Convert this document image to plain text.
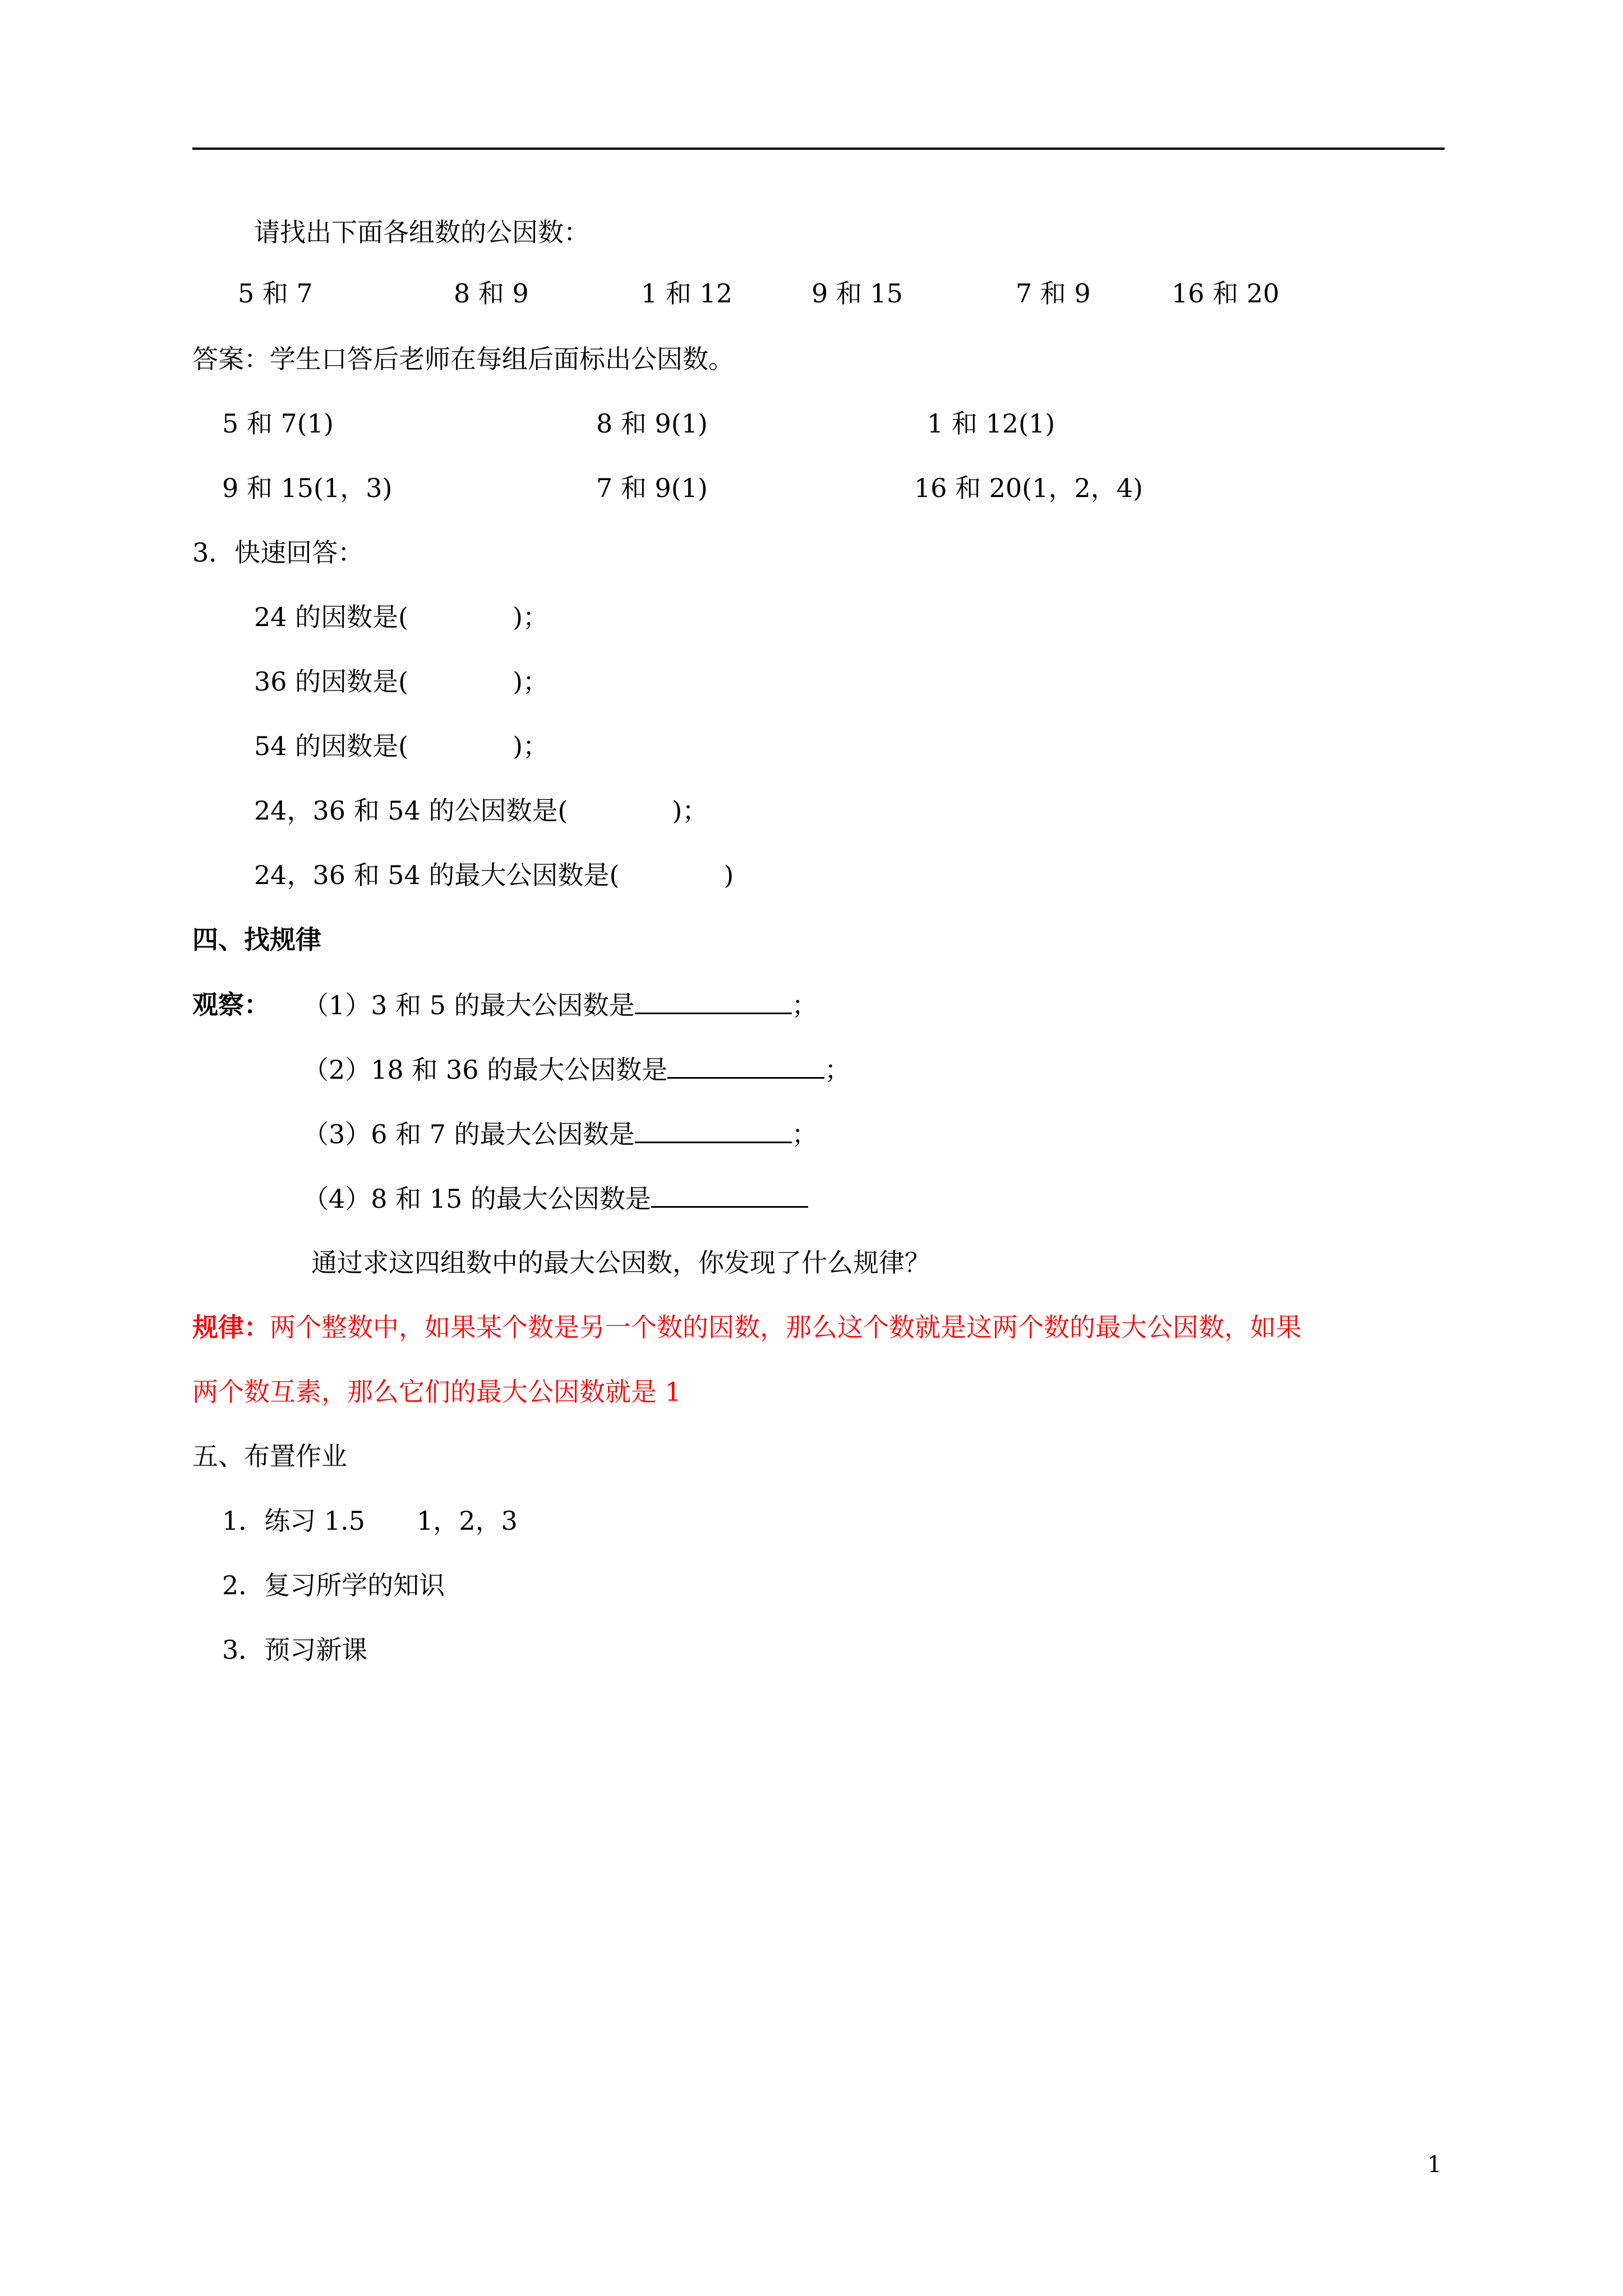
请找出下面各组数的公因数：
5 和 7	8 和 9	1 和 12	9 和 15	7 和 9	16 和 20
答案：学生口答后老师在每组后面标出公因数。
5 和 7(1)	8 和 9(1)	1 和 12(1)
9 和 15(1，3)	7 和 9(1)	16 和 20(1，2，4)
3．快速回答：
24 的因数是(	)；
36 的因数是(	)；
54 的因数是(	)；
24，36 和 54 的公因数是(	)；
24，36 和 54 的最大公因数是(	)
四、找规律
观察： （1）3 和 5 的最大公因数是	；
（2）18 和 36 的最大公因数是	；
（3）6 和 7 的最大公因数是	；
（4）8 和 15 的最大公因数是
通过求这四组数中的最大公因数，你发现了什么规律？
规律：两个整数中，如果某个数是另一个数的因数，那么这个数就是这两个数的最大公因数，如果
两个数互素，那么它们的最大公因数就是 1
五、布置作业
1．练习 1.5　　1，2，3
2．复习所学的知识
3．预习新课
1
